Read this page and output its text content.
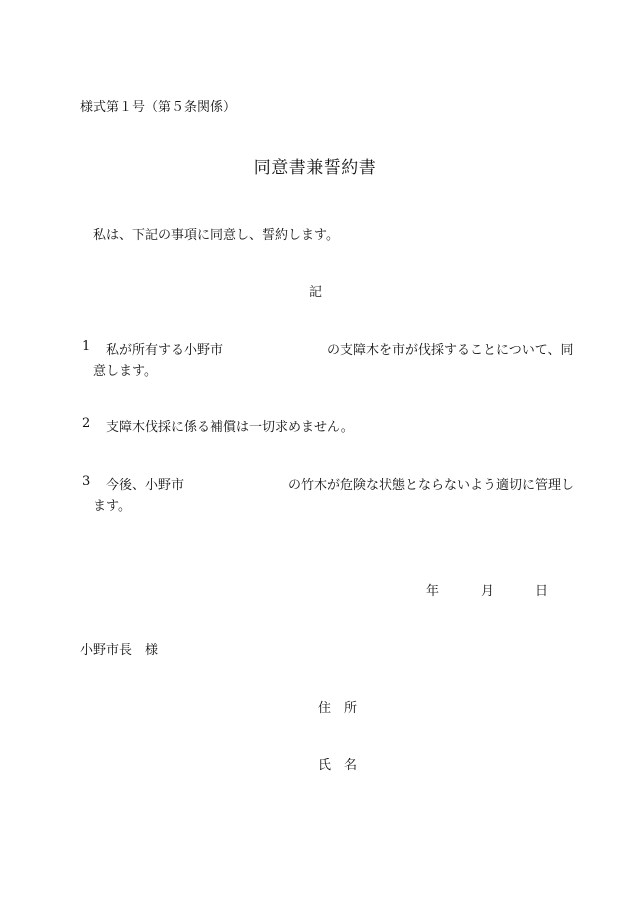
様式第１号（第５条関係）
同意書兼誓約書
私は、下記の事項に同意し、誓約します。
記
1 私が所有する小野市　　　　　　　　の支障木を市が伐採することについて、同
意します。
2 支障木伐採に係る補償は一切求めません。
3 今後、小野市　　　　　　　　の竹木が危険な状態とならないよう適切に管理し
ます。
年	月	日
小野市長　様
住　所
氏　名
